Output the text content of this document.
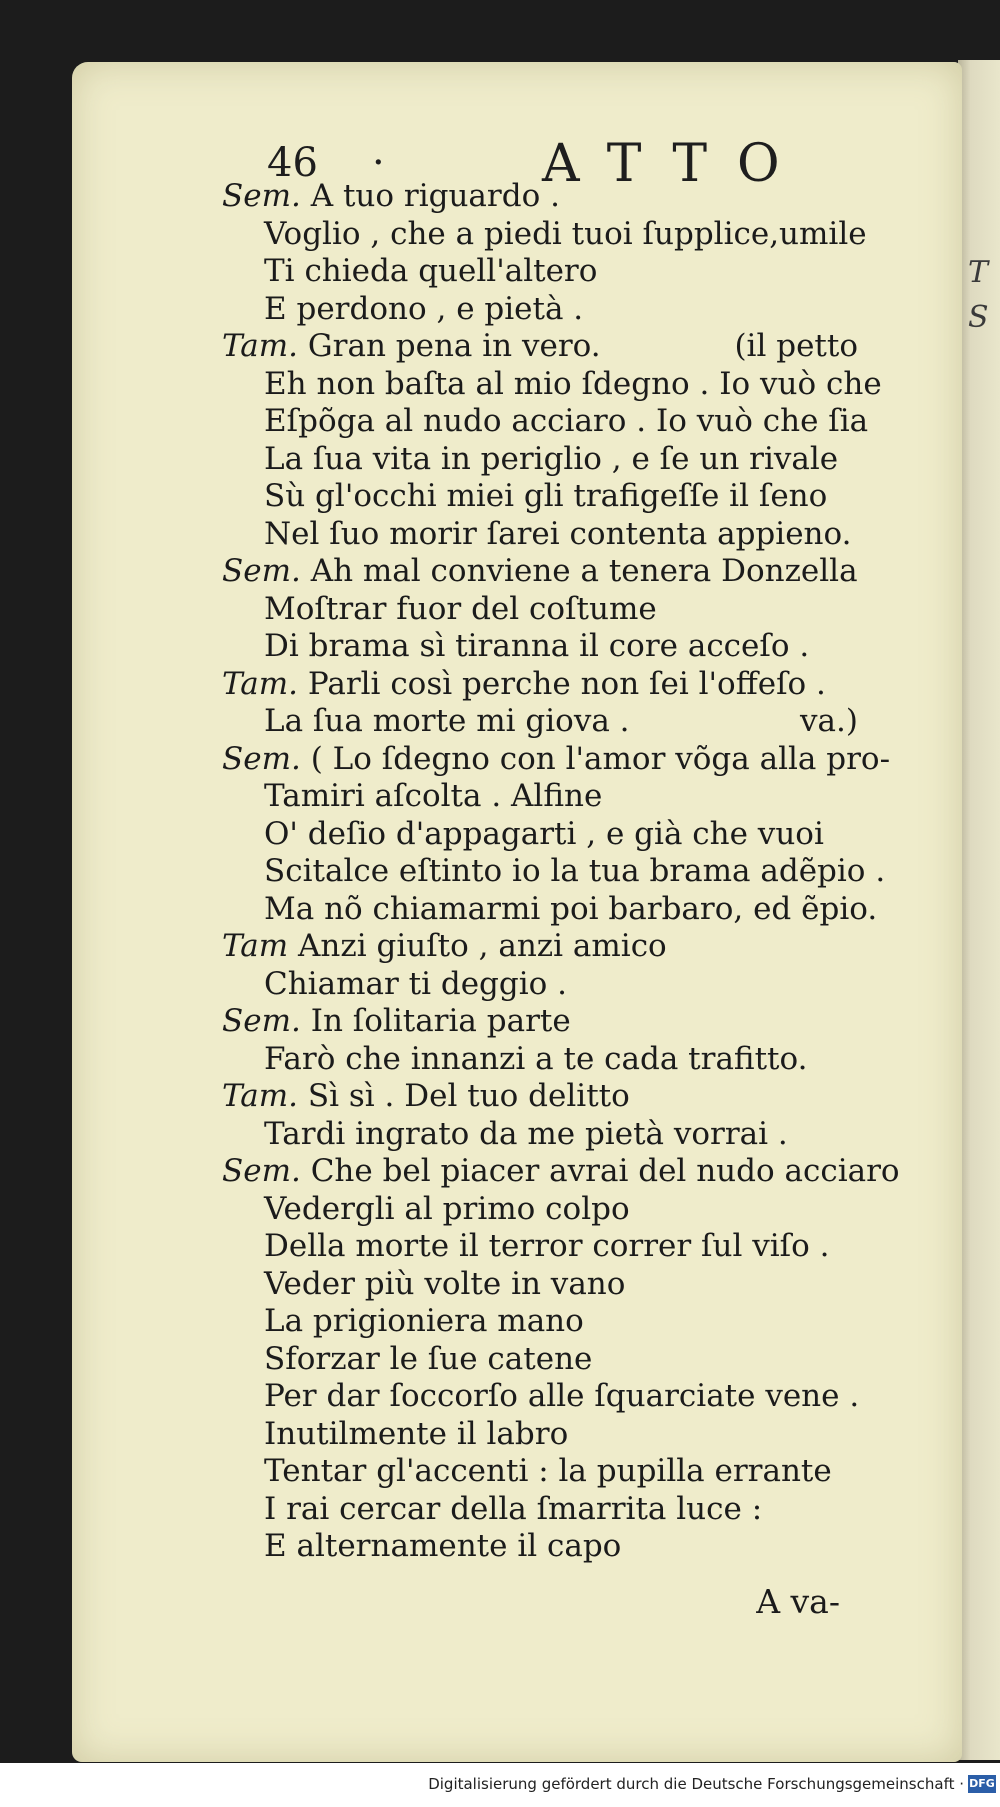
T
S
46 ·	ATTO
Sem. A tuo riguardo .
Voglio , che a piedi tuoi ſupplice,umile
Ti chieda quell'altero
E perdono , e pietà .
Tam. Gran pena in vero.	(il petto
Eh non baſta al mio ſdegno . Io vuò che
Eſpõga al nudo acciaro . Io vuò che ſia
La ſua vita in periglio , e ſe un rivale
Sù gl'occhi miei gli trafigeſſe il ſeno
Nel ſuo morir ſarei contenta appieno.
Sem. Ah mal conviene a tenera Donzella
Moſtrar fuor del coſtume
Di brama sì tiranna il core acceſo .
Tam. Parli così perche non ſei l'offeſo .
La ſua morte mi giova .	va.)
Sem. ( Lo ſdegno con l'amor võga alla pro-
Tamiri aſcolta . Alfine
O' deſio d'appagarti , e già che vuoi
Scitalce eſtinto io la tua brama adẽpio .
Ma nõ chiamarmi poi barbaro, ed ẽpio.
Tam Anzi giuſto , anzi amico
Chiamar ti deggio .
Sem. In ſolitaria parte
Farò che innanzi a te cada trafitto.
Tam. Sì sì . Del tuo delitto
Tardi ingrato da me pietà vorrai .
Sem. Che bel piacer avrai del nudo acciaro
Vedergli al primo colpo
Della morte il terror correr ſul viſo .
Veder più volte in vano
La prigioniera mano
Sforzar le ſue catene
Per dar ſoccorſo alle ſquarciate vene .
Inutilmente il labro
Tentar gl'accenti : la pupilla errante
I rai cercar della ſmarrita luce :
E alternamente il capo
A va-
Digitalisierung gefördert durch die Deutsche Forschungsgemeinschaft · DFG
